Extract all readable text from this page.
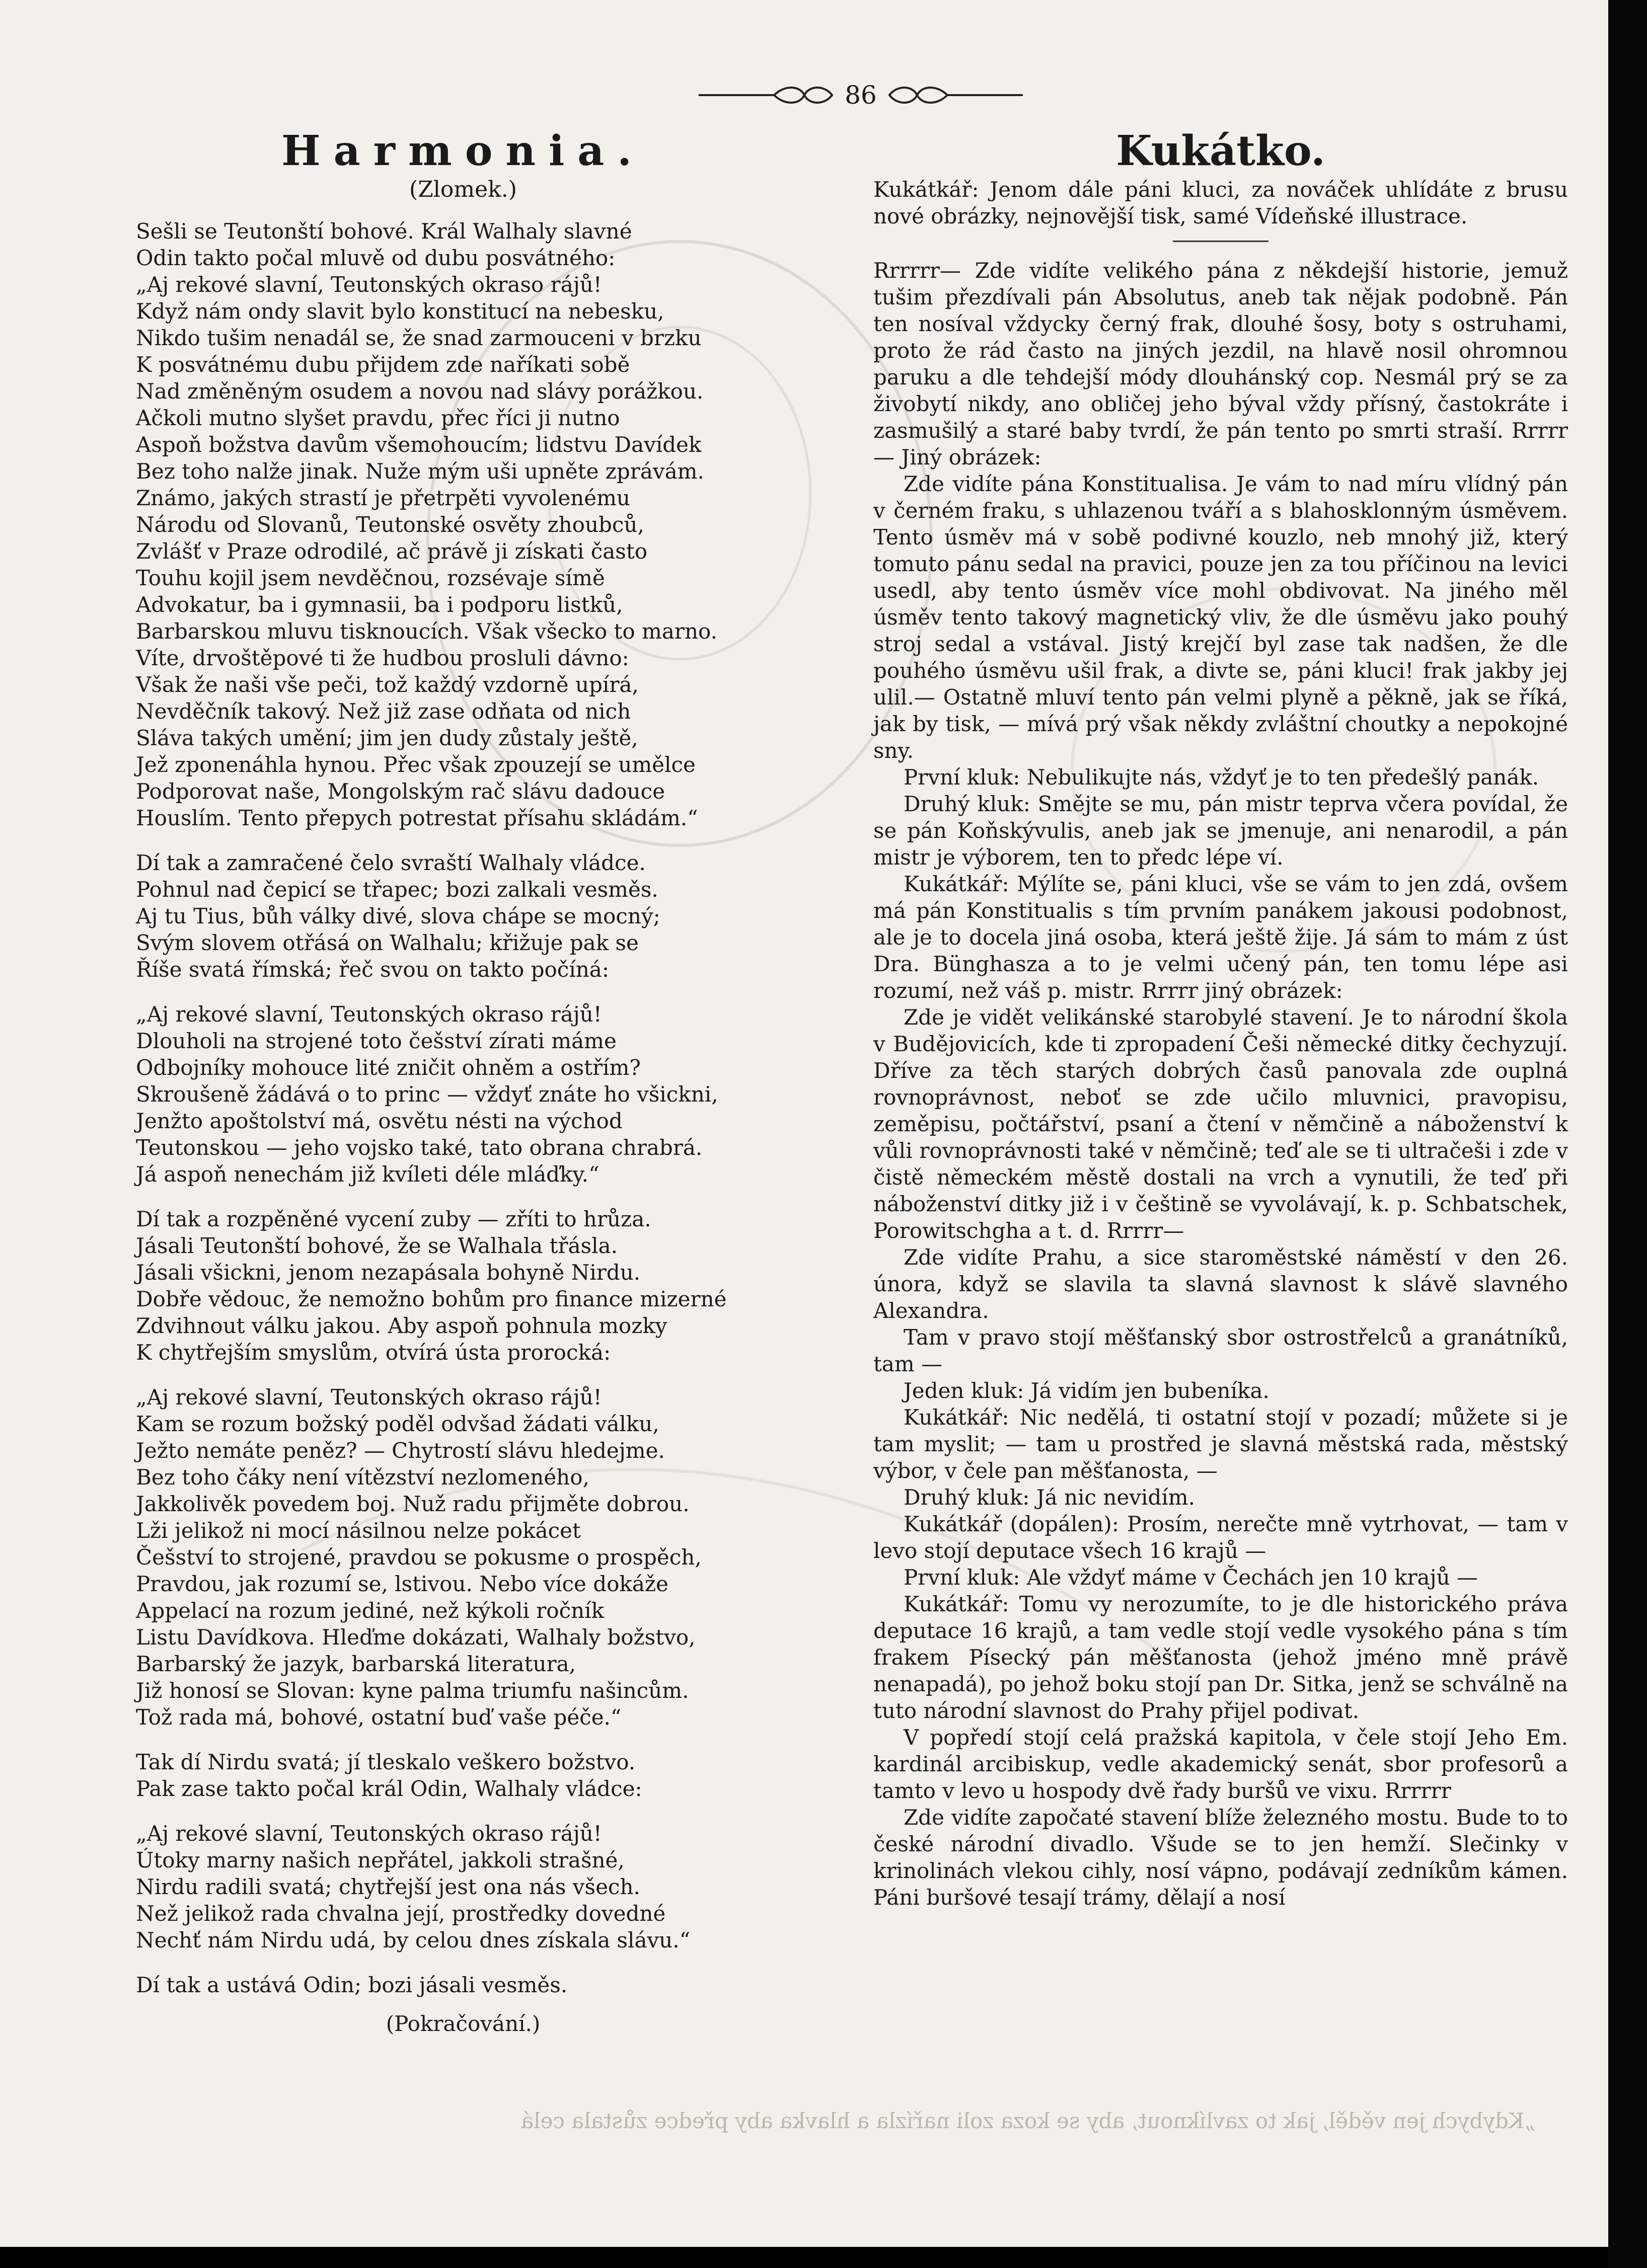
86
Harmonia.
(Zlomek.)
Sešli se Teutonští bohové. Král Walhaly slavné
Odin takto počal mluvě od dubu posvátného:
„Aj rekové slavní, Teutonských okraso rájů!
Když nám ondy slavit bylo konstitucí na nebesku,
Nikdo tušim nenadál se, že snad zarmouceni v brzku
K posvátnému dubu přijdem zde naříkati sobě
Nad změněným osudem a novou nad slávy porážkou.
Ačkoli mutno slyšet pravdu, přec říci ji nutno
Aspoň božstva davům všemohoucím; lidstvu Davídek
Bez toho nalže jinak. Nuže mým uši upněte zprávám.
Známo, jakých strastí je přetrpěti vyvolenému
Národu od Slovanů, Teutonské osvěty zhoubců,
Zvlášť v Praze odrodilé, ač právě ji získati často
Touhu kojil jsem nevděčnou, rozsévaje símě
Advokatur, ba i gymnasii, ba i podporu listků,
Barbarskou mluvu tisknoucích. Však všecko to marno.
Víte, drvoštěpové ti že hudbou prosluli dávno:
Však že naši vše peči, tož každý vzdorně upírá,
Nevděčník takový. Než již zase odňata od nich
Sláva takých umění; jim jen dudy zůstaly ještě,
Jež zponenáhla hynou. Přec však zpouzejí se umělce
Podporovat naše, Mongolským rač slávu dadouce
Houslím. Tento přepych potrestat přísahu skládám.“
Dí tak a zamračené čelo svraští Walhaly vládce.
Pohnul nad čepicí se třapec; bozi zalkali vesměs.
Aj tu Tius, bůh války divé, slova chápe se mocný;
Svým slovem otřásá on Walhalu; křižuje pak se
Říše svatá římská; řeč svou on takto počíná:
„Aj rekové slavní, Teutonských okraso rájů!
Dlouholi na strojené toto češství zírati máme
Odbojníky mohouce lité zničit ohněm a ostřím?
Skroušeně žádává o to princ — vždyť znáte ho všickni,
Jenžto apoštolství má, osvětu nésti na východ
Teutonskou — jeho vojsko také, tato obrana chrabrá.
Já aspoň nenechám již kvíleti déle mláďky.“
Dí tak a rozpěněné vycení zuby — zříti to hrůza.
Jásali Teutonští bohové, že se Walhala třásla.
Jásali všickni, jenom nezapásala bohyně Nirdu.
Dobře vědouc, že nemožno bohům pro finance mizerné
Zdvihnout válku jakou. Aby aspoň pohnula mozky
K chytřejším smyslům, otvírá ústa prorocká:
„Aj rekové slavní, Teutonských okraso rájů!
Kam se rozum božský poděl odvšad žádati válku,
Ježto nemáte peněz? — Chytrostí slávu hledejme.
Bez toho čáky není vítězství nezlomeného,
Jakkolivěk povedem boj. Nuž radu přijměte dobrou.
Lži jelikož ni mocí násilnou nelze pokácet
Češství to strojené, pravdou se pokusme o prospěch,
Pravdou, jak rozumí se, lstivou. Nebo více dokáže
Appelací na rozum jediné, než kýkoli ročník
Listu Davídkova. Hleďme dokázati, Walhaly božstvo,
Barbarský že jazyk, barbarská literatura,
Již honosí se Slovan: kyne palma triumfu našincům.
Tož rada má, bohové, ostatní buď vaše péče.“
Tak dí Nirdu svatá; jí tleskalo veškero božstvo.
Pak zase takto počal král Odin, Walhaly vládce:
„Aj rekové slavní, Teutonských okraso rájů!
Útoky marny našich nepřátel, jakkoli strašné,
Nirdu radili svatá; chytřejší jest ona nás všech.
Než jelikož rada chvalna její, prostředky dovedné
Nechť nám Nirdu udá, by celou dnes získala slávu.“
Dí tak a ustává Odin; bozi jásali vesměs.
(Pokračování.)
Kukátko.

Kukátkář: Jenom dále páni kluci, za nováček uhlídáte z brusu nové obrázky, nejnovější tisk, samé Vídeňské illustrace.

Rrrrrr— Zde vidíte velikého pána z někdejší historie, jemuž tušim přezdívali pán Absolutus, aneb tak nějak podobně. Pán ten nosíval vždycky černý frak, dlouhé šosy, boty s ostruhami, proto že rád často na jiných jezdil, na hlavě nosil ohromnou paruku a dle tehdejší módy dlouhánský cop. Nesmál prý se za živobytí nikdy, ano obličej jeho býval vždy přísný, častokráte i zasmušilý a staré baby tvrdí, že pán tento po smrti straší. Rrrrr— Jiný obrázek:

Zde vidíte pána Konstitualisa. Je vám to nad míru vlídný pán v černém fraku, s uhlazenou tváří a s blahosklonným úsměvem. Tento úsměv má v sobě podivné kouzlo, neb mnohý již, který tomuto pánu sedal na pravici, pouze jen za tou příčinou na levici usedl, aby tento úsměv více mohl obdivovat. Na jiného měl úsměv tento takový magnetický vliv, že dle úsměvu jako pouhý stroj sedal a vstával. Jistý krejčí byl zase tak nadšen, že dle pouhého úsměvu ušil frak, a divte se, páni kluci! frak jakby jej ulil.— Ostatně mluví tento pán velmi plyně a pěkně, jak se říká, jak by tisk, — mívá prý však někdy zvláštní choutky a nepokojné sny.

První kluk: Nebulikujte nás, vždyť je to ten předešlý panák.

Druhý kluk: Smějte se mu, pán mistr teprva včera povídal, že se pán Koňskývulis, aneb jak se jmenuje, ani nenarodil, a pán mistr je výborem, ten to předc lépe ví.

Kukátkář: Mýlíte se, páni kluci, vše se vám to jen zdá, ovšem má pán Konstitualis s tím prvním panákem jakousi podobnost, ale je to docela jiná osoba, která ještě žije. Já sám to mám z úst Dra. Bünghasza a to je velmi učený pán, ten tomu lépe asi rozumí, než váš p. mistr. Rrrrr jiný obrázek:

Zde je vidět velikánské starobylé stavení. Je to národní škola v Budějovicích, kde ti zpropadení Češi německé ditky čechyzují. Dříve za těch starých dobrých časů panovala zde ouplná rovnoprávnost, neboť se zde učilo mluvnici, pravopisu, zeměpisu, počtářství, psaní a čtení v němčině a náboženství k vůli rovnoprávnosti také v němčině; teď ale se ti ultračeši i zde v čistě německém městě dostali na vrch a vynutili, že teď při náboženství ditky již i v češtině se vyvolávají, k. p. Schbatschek, Porowitschgha a t. d. Rrrrr—

Zde vidíte Prahu, a sice staroměstské náměstí v den 26. února, když se slavila ta slavná slavnost k slávě slavného Alexandra.

Tam v pravo stojí měšťanský sbor ostrostřelců a granátníků, tam —

Jeden kluk: Já vidím jen bubeníka.

Kukátkář: Nic nedělá, ti ostatní stojí v pozadí; můžete si je tam myslit; — tam u prostřed je slavná městská rada, městský výbor, v čele pan měšťanosta, —

Druhý kluk: Já nic nevidím.

Kukátkář (dopálen): Prosím, nerečte mně vytrhovat, — tam v levo stojí deputace všech 16 krajů —

První kluk: Ale vždyť máme v Čechách jen 10 krajů —

Kukátkář: Tomu vy nerozumíte, to je dle historického práva deputace 16 krajů, a tam vedle stojí vedle vysokého pána s tím frakem Písecký pán měšťanosta (jehož jméno mně právě nenapadá), po jehož boku stojí pan Dr. Sitka, jenž se schválně na tuto národní slavnost do Prahy přijel podivat.

V popředí stojí celá pražská kapitola, v čele stojí Jeho Em. kardinál arcibiskup, vedle akademický senát, sbor profesorů a tamto v levo u hospody dvě řady buršů ve vixu. Rrrrrr

Zde vidíte započaté stavení blíže železného mostu. Bude to to české národní divadlo. Všude se to jen hemží. Slečinky v krinolinách vlekou cihly, nosí vápno, podávají zedníkům kámen. Páni buršové tesají trámy, dělají a nosí

„Kdybych jen věděl, jak to zavlíknout, aby se koza zoli nařízla a hlavka aby předce zůstala celá
